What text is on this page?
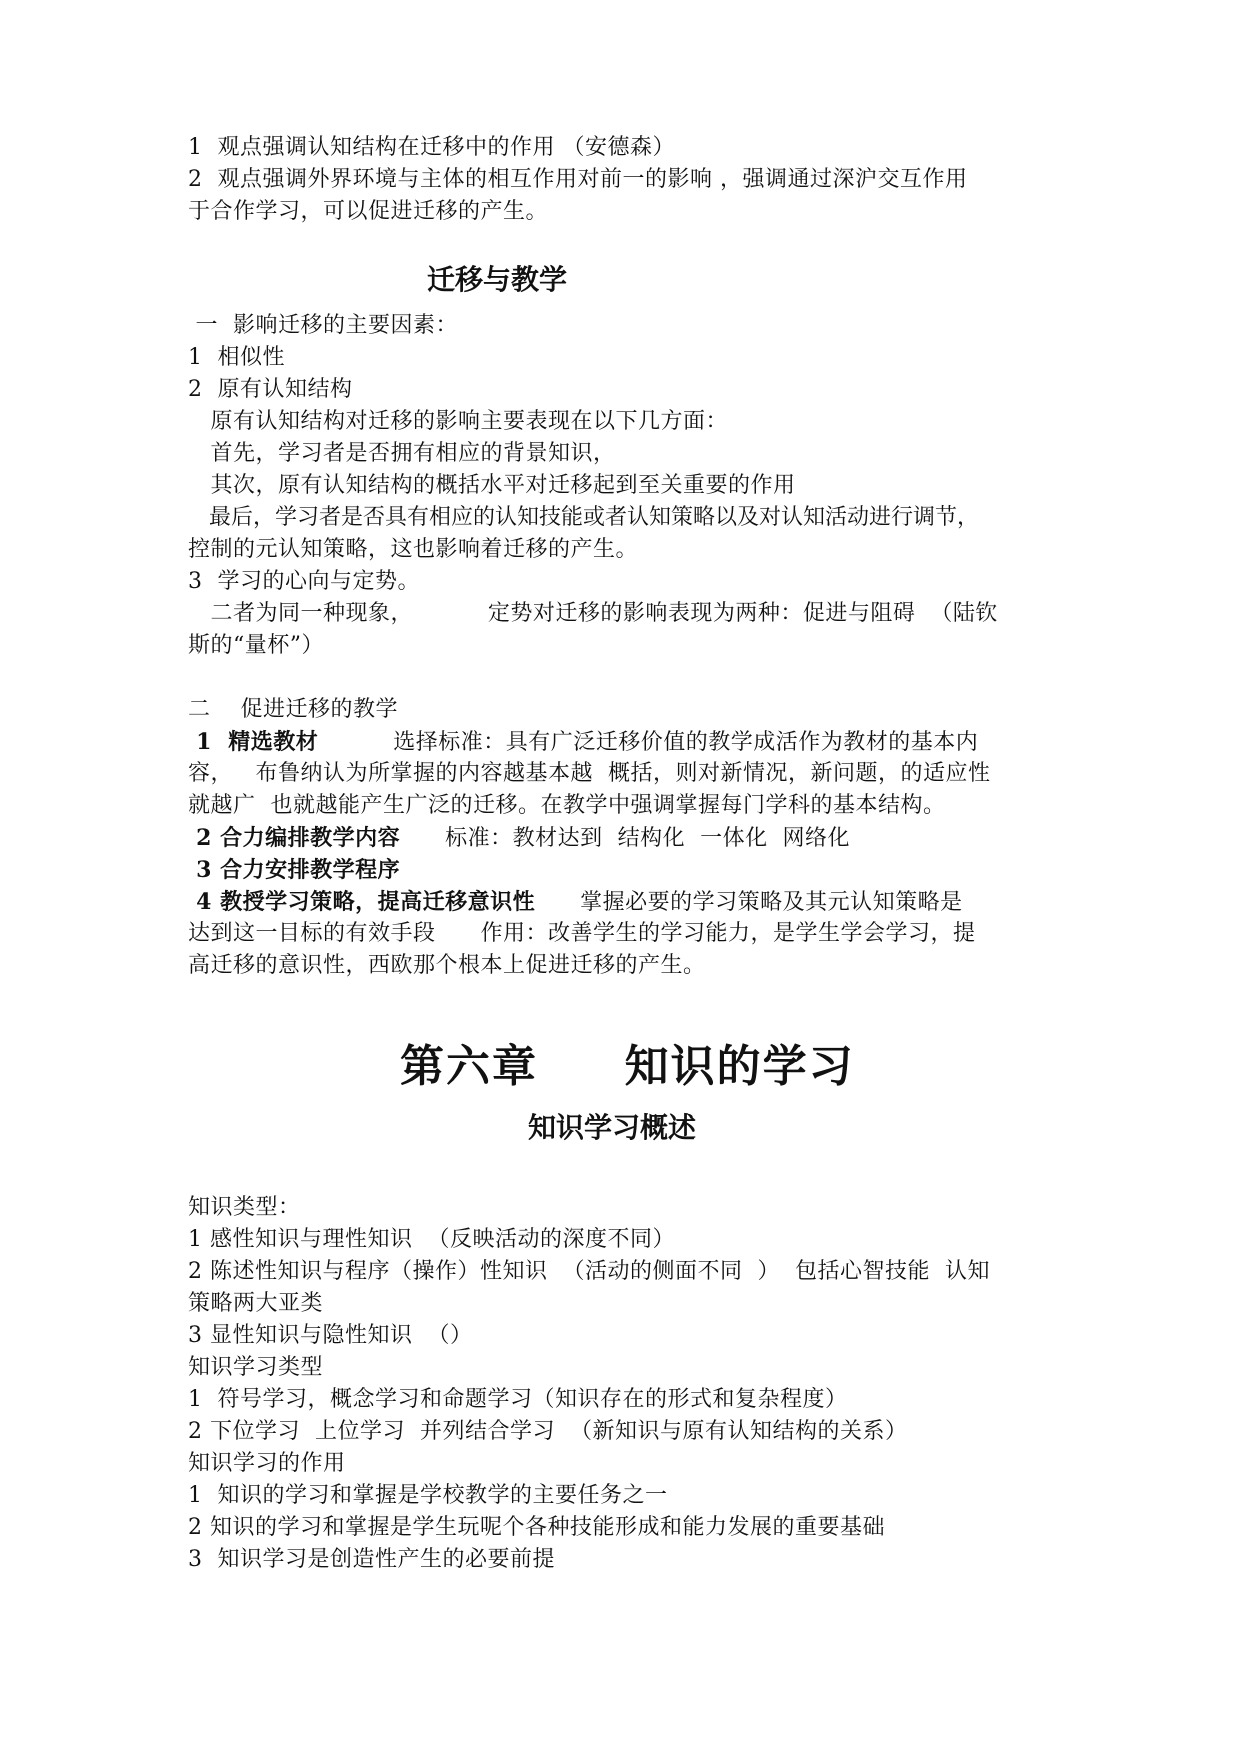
1  观点强调认知结构在迁移中的作用 （安德森）
2  观点强调外界环境与主体的相互作用对前一的影响 ，强调通过深沪交互作用
于合作学习，可以促进迁移的产生。
迁移与教学
一  影响迁移的主要因素：
1  相似性
2  原有认知结构
原有认知结构对迁移的影响主要表现在以下几方面：
首先，学习者是否拥有相应的背景知识，
其次，原有认知结构的概括水平对迁移起到至关重要的作用
最后，学习者是否具有相应的认知技能或者认知策略以及对认知活动进行调节，
控制的元认知策略，这也影响着迁移的产生。
3  学习的心向与定势。
二者为同一种现象，          定势对迁移的影响表现为两种：促进与阻碍  （陆钦
斯的“量杯”）
二    促进迁移的教学
1  精选教材          选择标准：具有广泛迁移价值的教学成活作为教材的基本内
容，   布鲁纳认为所掌握的内容越基本越  概括，则对新情况，新问题，的适应性
就越广  也就越能产生广泛的迁移。在教学中强调掌握每门学科的基本结构。
2 合力编排教学内容      标准：教材达到  结构化  一体化  网络化
3 合力安排教学程序
4 教授学习策略，提高迁移意识性      掌握必要的学习策略及其元认知策略是
达到这一目标的有效手段      作用：改善学生的学习能力，是学生学会学习，提
高迁移的意识性，西欧那个根本上促进迁移的产生。
第六章     知识的学习
知识学习概述
知识类型：
1 感性知识与理性知识  （反映活动的深度不同）
2 陈述性知识与程序（操作）性知识  （活动的侧面不同  ）  包括心智技能  认知
策略两大亚类
3 显性知识与隐性知识  （）
知识学习类型
1  符号学习，概念学习和命题学习（知识存在的形式和复杂程度）
2 下位学习  上位学习  并列结合学习  （新知识与原有认知结构的关系）
知识学习的作用
1  知识的学习和掌握是学校教学的主要任务之一
2 知识的学习和掌握是学生玩呢个各种技能形成和能力发展的重要基础
3  知识学习是创造性产生的必要前提
